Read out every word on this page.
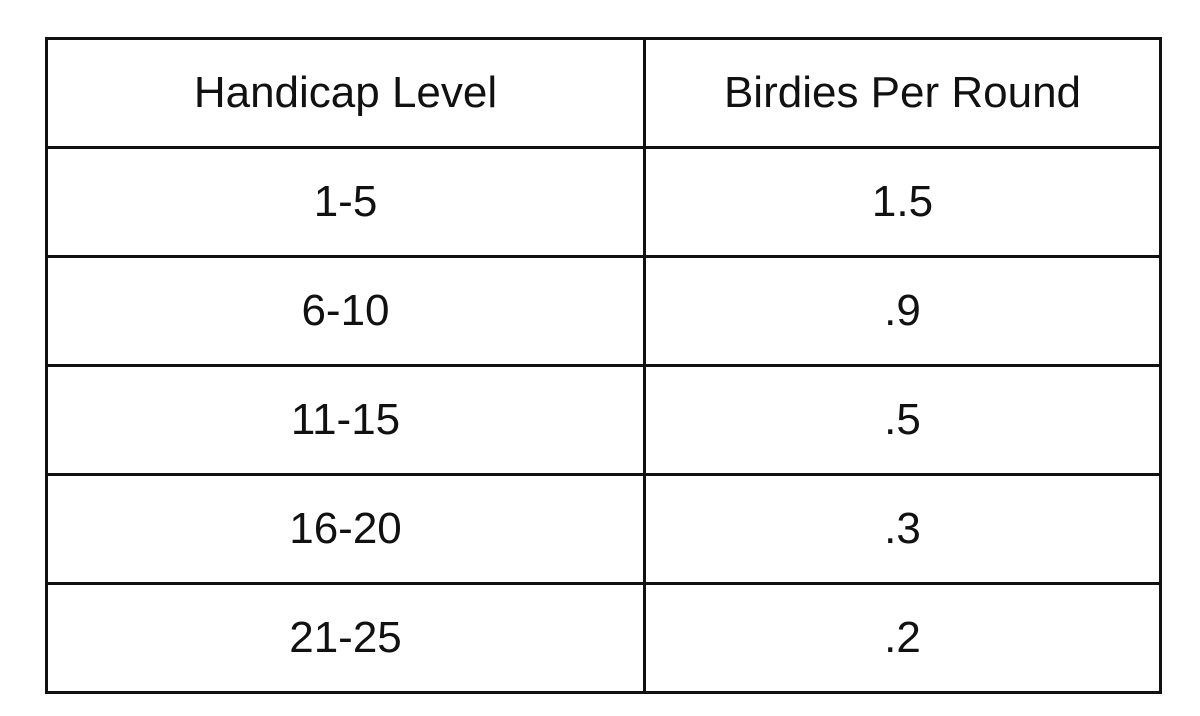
Handicap Level	Birdies Per Round
1-5	1.5
6-10	.9
11-15	.5
16-20	.3
21-25	.2
